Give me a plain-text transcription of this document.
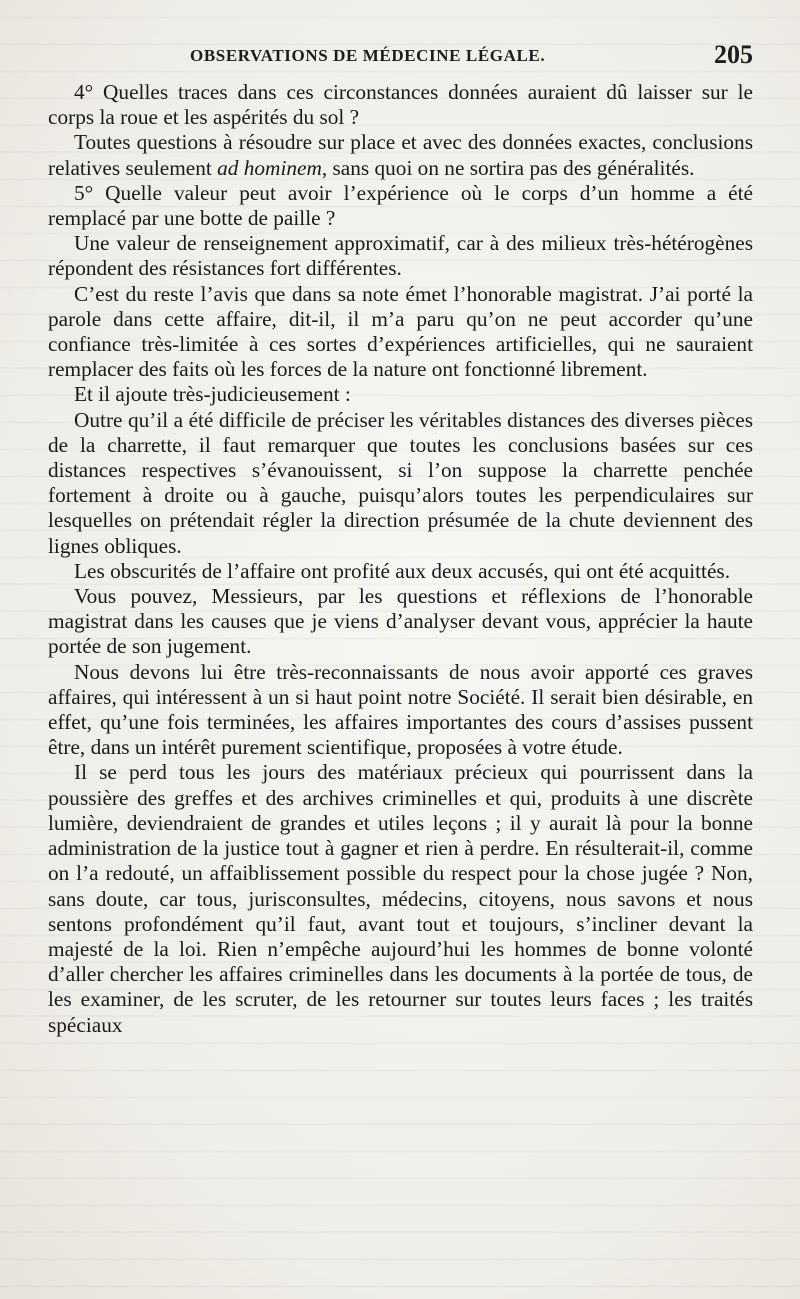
OBSERVATIONS DE MÉDECINE LÉGALE.	205

4° Quelles traces dans ces circonstances données auraient dû laisser sur le corps la roue et les aspérités du sol ?

Toutes questions à résoudre sur place et avec des données exactes, conclusions relatives seulement ad hominem, sans quoi on ne sortira pas des généralités.

5° Quelle valeur peut avoir l’expérience où le corps d’un homme a été remplacé par une botte de paille ?

Une valeur de renseignement approximatif, car à des milieux très-hétérogènes répondent des résistances fort différentes.

C’est du reste l’avis que dans sa note émet l’honorable magistrat. J’ai porté la parole dans cette affaire, dit-il, il m’a paru qu’on ne peut accorder qu’une confiance très-limitée à ces sortes d’expériences artificielles, qui ne sauraient remplacer des faits où les forces de la nature ont fonctionné librement.

Et il ajoute très-judicieusement :

Outre qu’il a été difficile de préciser les véritables distances des diverses pièces de la charrette, il faut remarquer que toutes les conclusions basées sur ces distances respectives s’évanouissent, si l’on suppose la charrette penchée fortement à droite ou à gauche, puisqu’alors toutes les perpendiculaires sur lesquelles on prétendait régler la direction présumée de la chute deviennent des lignes obliques.

Les obscurités de l’affaire ont profité aux deux accusés, qui ont été acquittés.

Vous pouvez, Messieurs, par les questions et réflexions de l’honorable magistrat dans les causes que je viens d’analyser devant vous, apprécier la haute portée de son jugement.

Nous devons lui être très-reconnaissants de nous avoir apporté ces graves affaires, qui intéressent à un si haut point notre Société. Il serait bien désirable, en effet, qu’une fois terminées, les affaires importantes des cours d’assises pussent être, dans un intérêt purement scientifique, proposées à votre étude.

Il se perd tous les jours des matériaux précieux qui pourrissent dans la poussière des greffes et des archives criminelles et qui, produits à une discrète lumière, deviendraient de grandes et utiles leçons ; il y aurait là pour la bonne administration de la justice tout à gagner et rien à perdre. En résulterait-il, comme on l’a redouté, un affaiblissement possible du respect pour la chose jugée ? Non, sans doute, car tous, jurisconsultes, médecins, citoyens, nous savons et nous sentons profondément qu’il faut, avant tout et toujours, s’incliner devant la majesté de la loi. Rien n’empêche aujourd’hui les hommes de bonne volonté d’aller chercher les affaires criminelles dans les documents à la portée de tous, de les examiner, de les scruter, de les retourner sur toutes leurs faces ; les traités spéciaux
